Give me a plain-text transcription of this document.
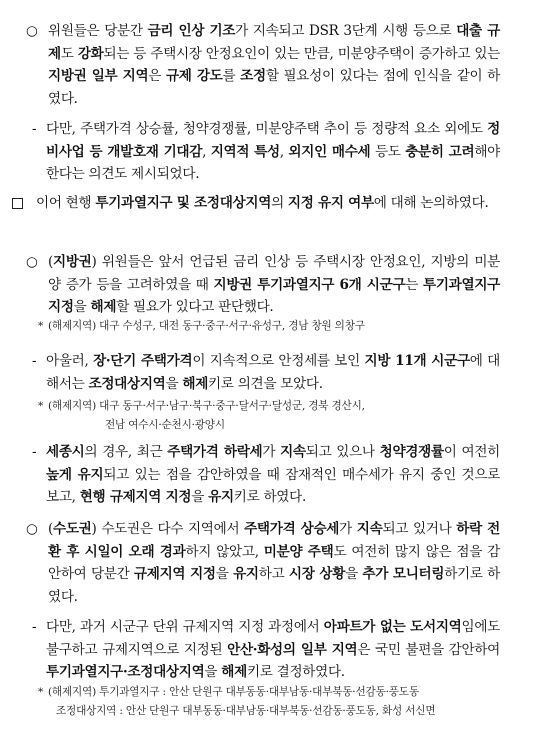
○ 위원들은 당분간 금리 인상 기조가 지속되고 DSR 3단계 시행 등으로 대출 규제도 강화되는 등 주택시장 안정요인이 있는 만큼, 미분양주택이 증가하고 있는 지방권 일부 지역은 규제 강도를 조정할 필요성이 있다는 점에 인식을 같이 하였다.
- 다만, 주택가격 상승률, 청약경쟁률, 미분양주택 추이 등 정량적 요소 외에도 정비사업 등 개발호재 기대감, 지역적 특성, 외지인 매수세 등도 충분히 고려해야 한다는 의견도 제시되었다.
이어 현행 투기과열지구 및 조정대상지역의 지정 유지 여부에 대해 논의하였다.
○ (지방권) 위원들은 앞서 언급된 금리 인상 등 주택시장 안정요인, 지방의 미분양 증가 등을 고려하였을 때 지방권 투기과열지구 6개 시군구는 투기과열지구 지정을 해제할 필요가 있다고 판단했다.
* (해제지역) 대구 수성구, 대전 동구·중구·서구·유성구, 경남 창원 의창구
- 아울러, 장·단기 주택가격이 지속적으로 안정세를 보인 지방 11개 시군구에 대해서는 조정대상지역을 해제키로 의견을 모았다.
* (해제지역) 대구 동구·서구·남구·북구·중구·달서구·달성군, 경북 경산시,
전남 여수시·순천시·광양시
- 세종시의 경우, 최근 주택가격 하락세가 지속되고 있으나 청약경쟁률이 여전히 높게 유지되고 있는 점을 감안하였을 때 잠재적인 매수세가 유지 중인 것으로 보고, 현행 규제지역 지정을 유지키로 하였다.
○ (수도권) 수도권은 다수 지역에서 주택가격 상승세가 지속되고 있거나 하락 전환 후 시일이 오래 경과하지 않았고, 미분양 주택도 여전히 많지 않은 점을 감안하여 당분간 규제지역 지정을 유지하고 시장 상황을 추가 모니터링하기로 하였다.
- 다만, 과거 시군구 단위 규제지역 지정 과정에서 아파트가 없는 도서지역임에도 불구하고 규제지역으로 지정된 안산·화성의 일부 지역은 국민 불편을 감안하여 투기과열지구·조정대상지역을 해제키로 결정하였다.
* (해제지역) 투기과열지구 : 안산 단원구 대부동동·대부남동·대부북동·선감동·풍도동
조정대상지역 : 안산 단원구 대부동동·대부남동·대부북동·선감동·풍도동, 화성 서신면
